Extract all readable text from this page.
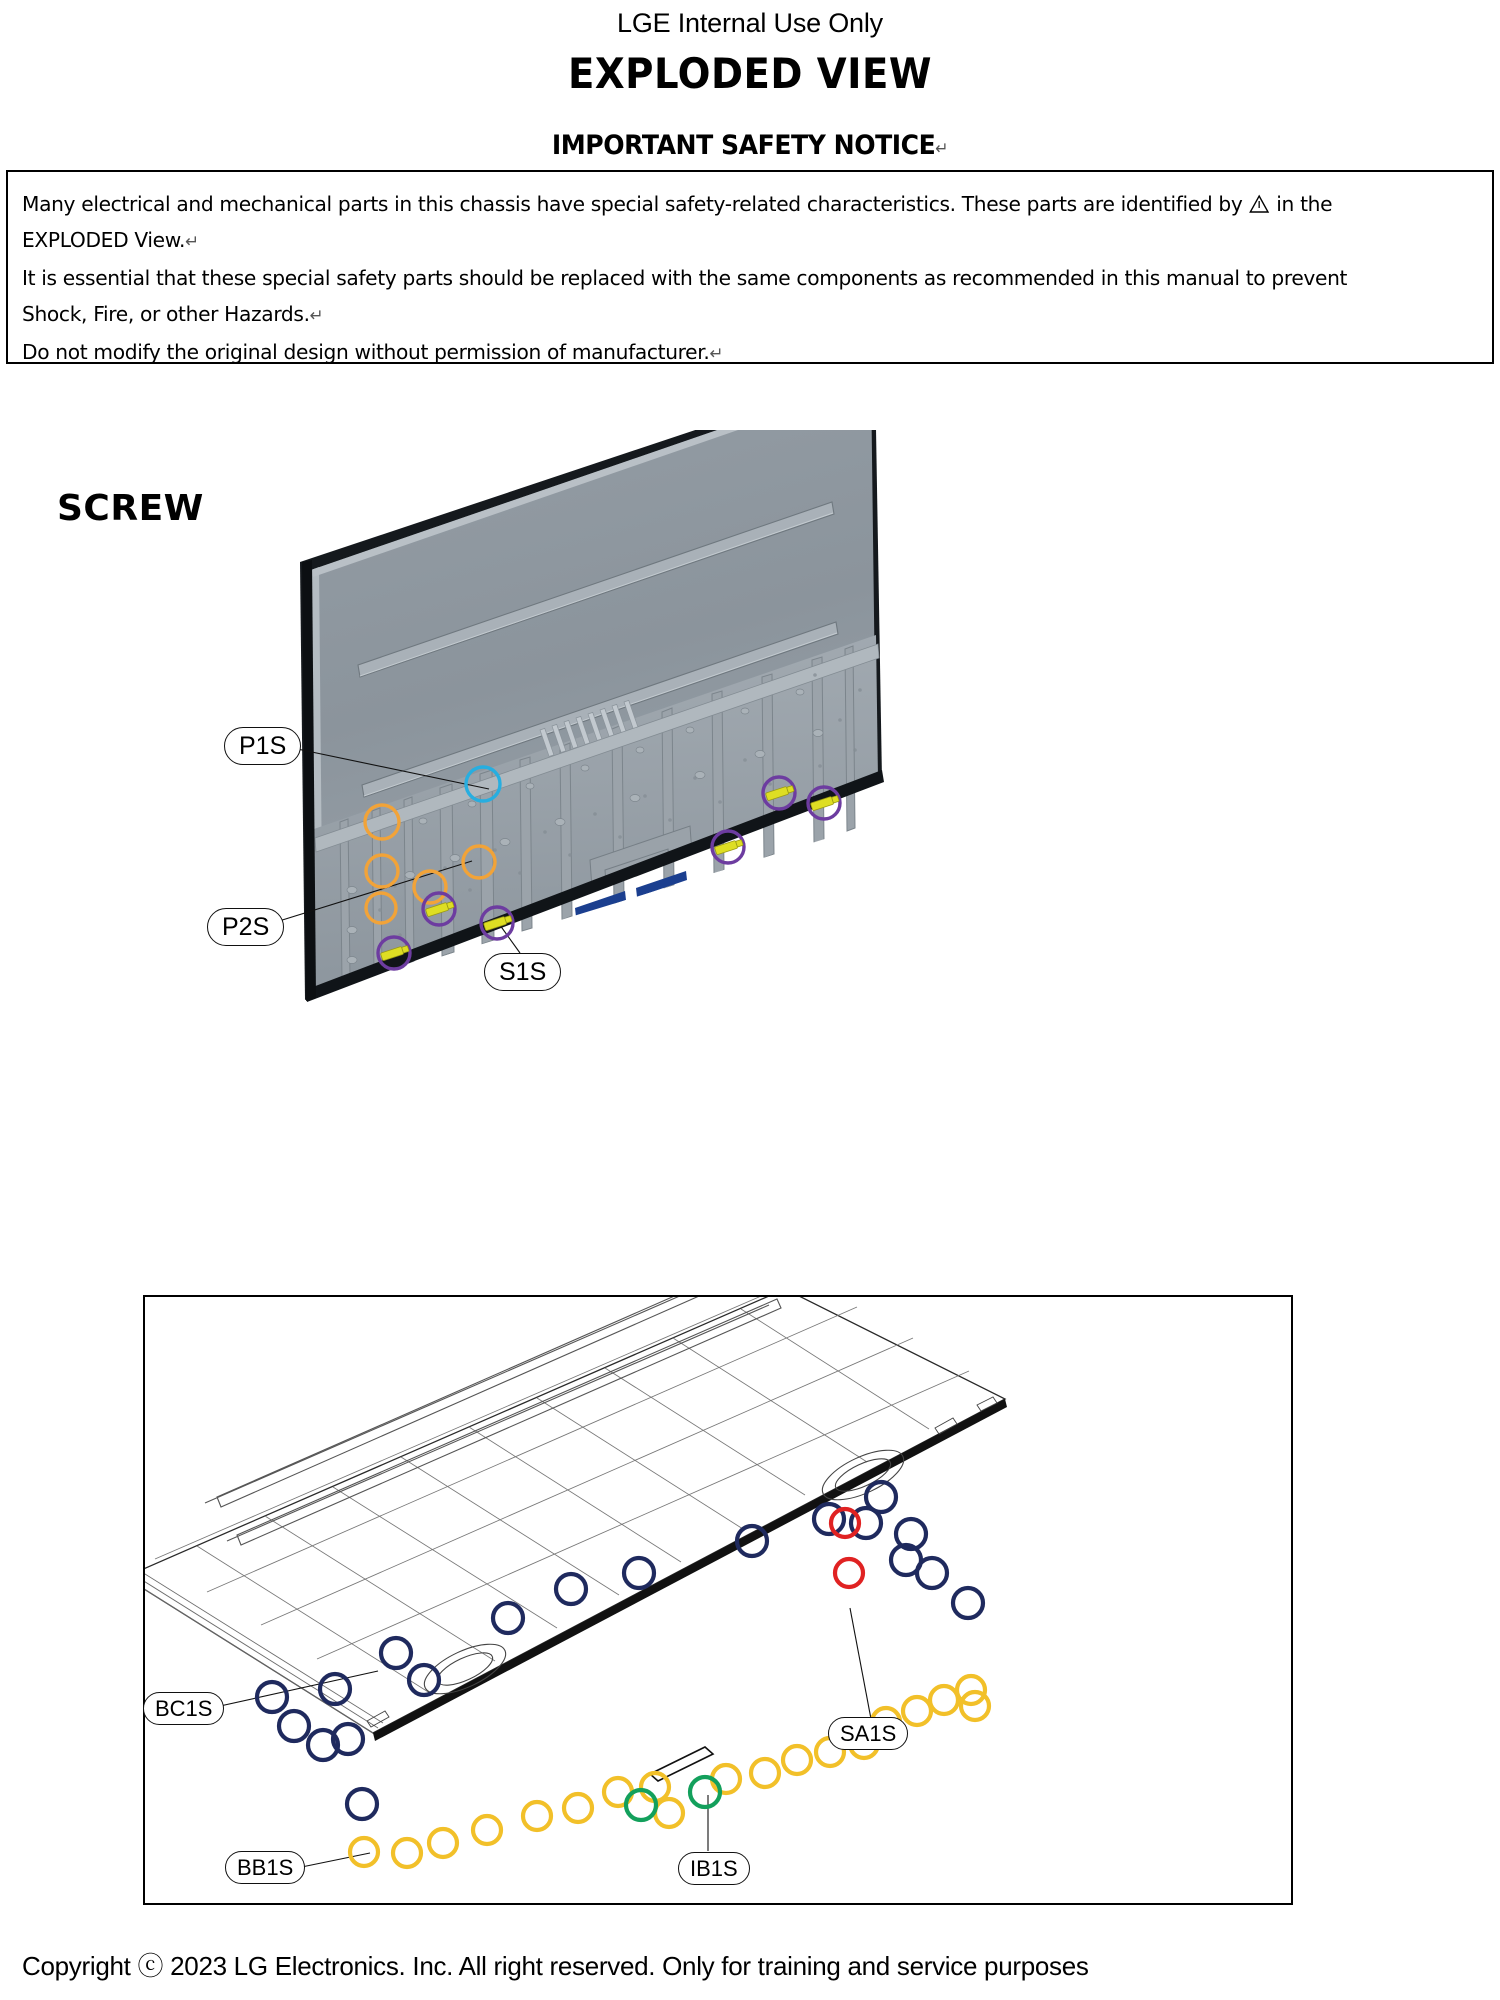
LGE Internal Use Only
EXPLODED VIEW
IMPORTANT SAFETY NOTICE↵

Many electrical and mechanical parts in this chassis have special safety-related characteristics. These parts are identified by in the

EXPLODED View.↵

It is essential that these special safety parts should be replaced with the same components as recommended in this manual to prevent

Shock, Fire, or other Hazards.↵

Do not modify the original design without permission of manufacturer.↵

SCREW
P1S
P2S
S1S
BC1S
BB1S	IB1S
SA1S
Copyright ⓒ 2023 LG Electronics. Inc. All right reserved. Only for training and service purposes
